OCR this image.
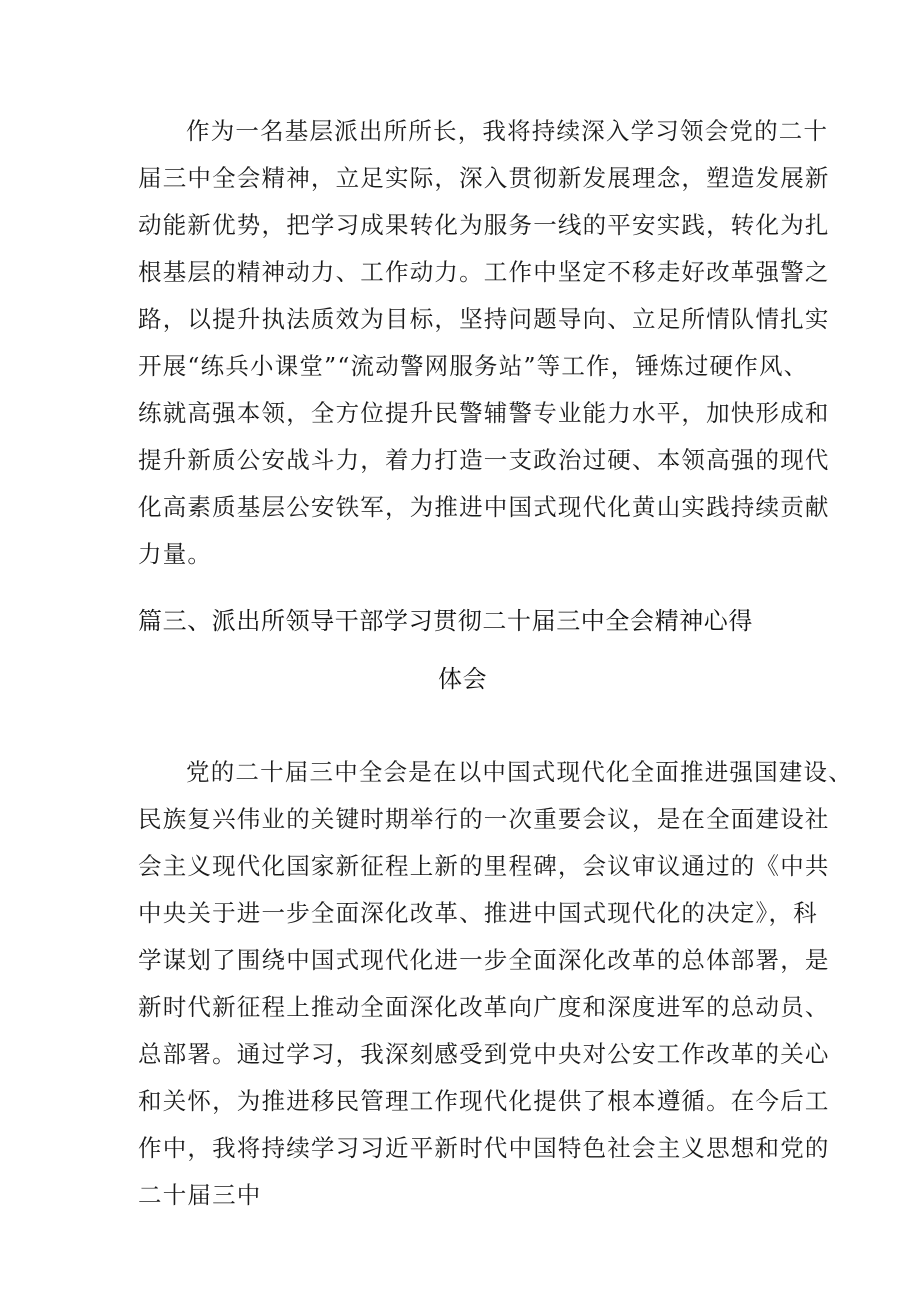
作为一名基层派出所所长，我将持续深入学习领会党的二十
届三中全会精神，立足实际，深入贯彻新发展理念，塑造发展新
动能新优势，把学习成果转化为服务一线的平安实践，转化为扎
根基层的精神动力、工作动力。工作中坚定不移走好改革强警之
路，以提升执法质效为目标，坚持问题导向、立足所情队情扎实
开展“练兵小课堂”“流动警网服务站”等工作，锤炼过硬作风、
练就高强本领，全方位提升民警辅警专业能力水平，加快形成和
提升新质公安战斗力，着力打造一支政治过硬、本领高强的现代
化高素质基层公安铁军，为推进中国式现代化黄山实践持续贡献
力量。
篇三、派出所领导干部学习贯彻二十届三中全会精神心得
体会
党的二十届三中全会是在以中国式现代化全面推进强国建设、
民族复兴伟业的关键时期举行的一次重要会议，是在全面建设社
会主义现代化国家新征程上新的里程碑，会议审议通过的《中共
中央关于进一步全面深化改革、推进中国式现代化的决定》，科
学谋划了围绕中国式现代化进一步全面深化改革的总体部署，是
新时代新征程上推动全面深化改革向广度和深度进军的总动员、
总部署。通过学习，我深刻感受到党中央对公安工作改革的关心
和关怀，为推进移民管理工作现代化提供了根本遵循。在今后工
作中，我将持续学习习近平新时代中国特色社会主义思想和党的
二十届三中
